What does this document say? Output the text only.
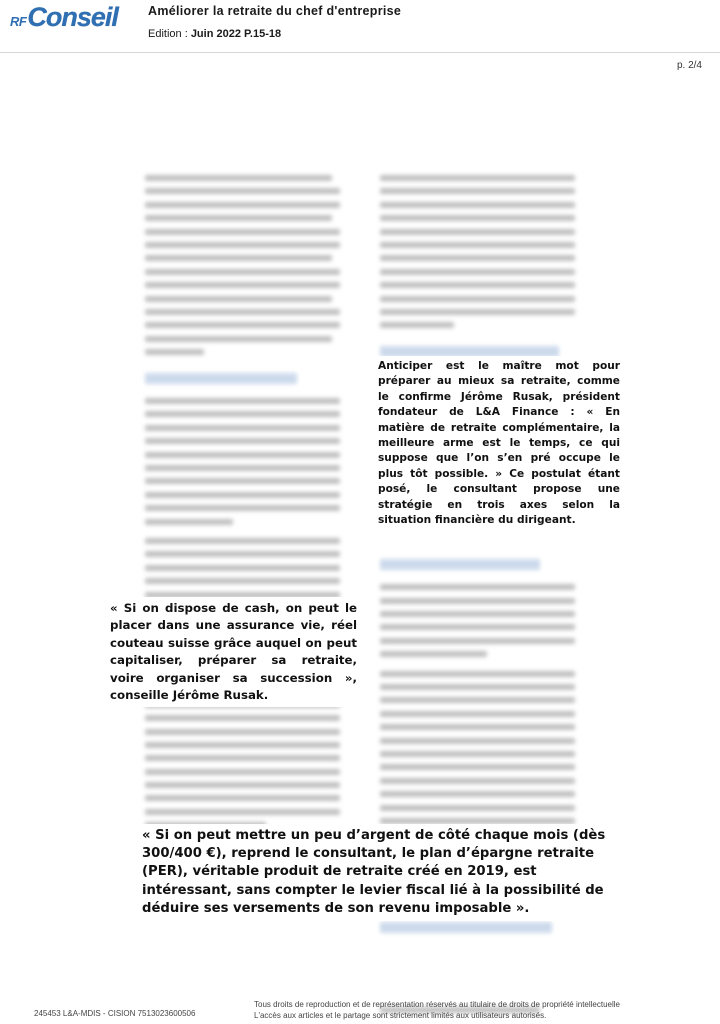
RF Conseil Améliorer la retraite du chef d'entreprise
Edition : Juin 2022 P.15-18
p. 2/4
Anticiper est le maître mot pour préparer au mieux sa retraite, comme le confirme Jérôme Rusak, président fondateur de L&A Finance : « En matière de retraite complémentaire, la meilleure arme est le temps, ce qui suppose que l’on s’en pré occupe le plus tôt possible. » Ce postulat étant posé, le consultant propose une stratégie en trois axes selon la situation financière du dirigeant.
« Si on dispose de cash, on peut le placer dans une assurance vie, réel couteau suisse grâce auquel on peut capitaliser, préparer sa retraite, voire organiser sa succession », conseille Jérôme Rusak.
« Si on peut mettre un peu d’argent de côté chaque mois (dès 300/400 €), reprend le consultant, le plan d’épargne retraite (PER), véritable produit de retraite créé en 2019, est intéressant, sans compter le levier fiscal lié à la possibilité de déduire ses versements de son revenu imposable ».
245453 L&A-MDIS - CISION 7513023600506
Tous droits de reproduction et de représentation réservés au titulaire de droits de propriété intellectuelle
L'accès aux articles et le partage sont strictement limités aux utilisateurs autorisés.
